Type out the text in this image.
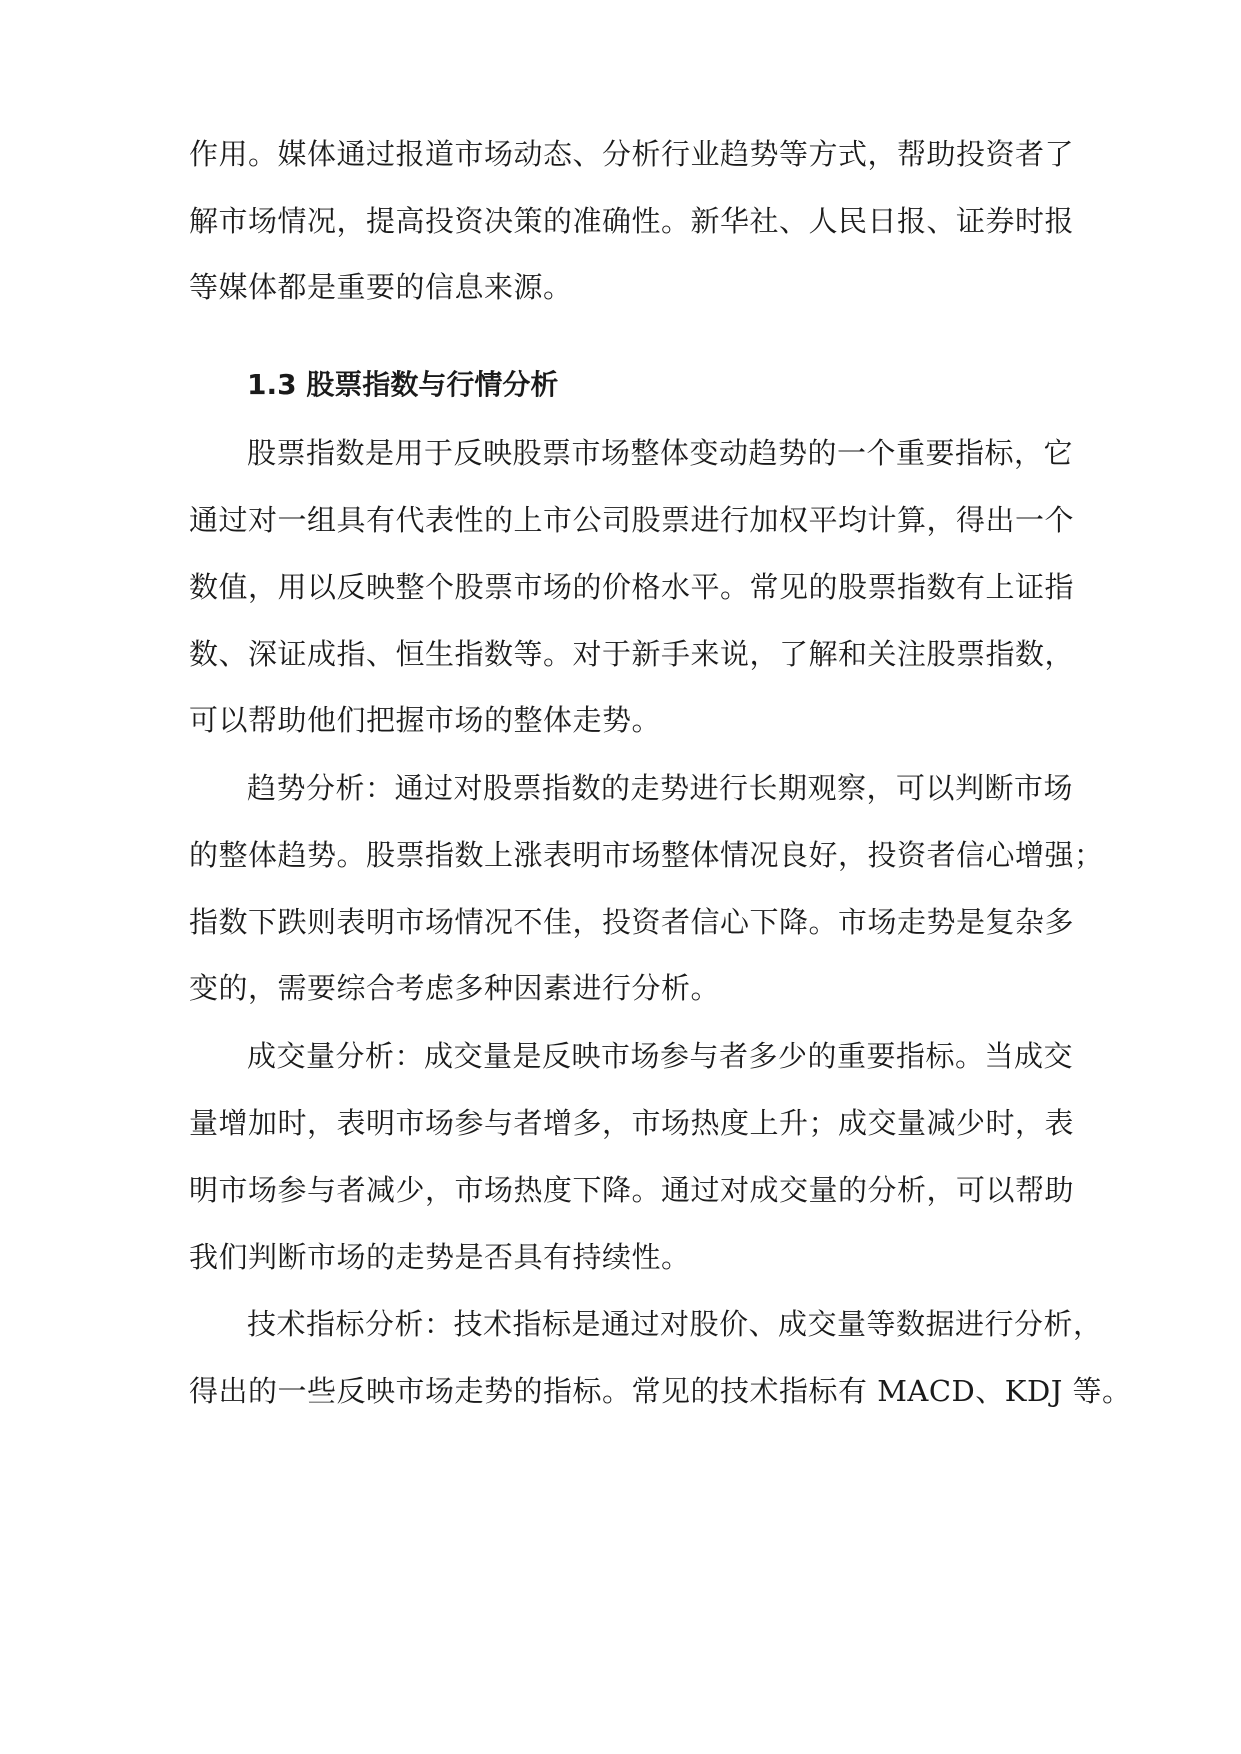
作用。媒体通过报道市场动态、分析行业趋势等方式，帮助投资者了
解市场情况，提高投资决策的准确性。新华社、人民日报、证券时报
等媒体都是重要的信息来源。
1.3 股票指数与行情分析
股票指数是用于反映股票市场整体变动趋势的一个重要指标，它
通过对一组具有代表性的上市公司股票进行加权平均计算，得出一个
数值，用以反映整个股票市场的价格水平。常见的股票指数有上证指
数、深证成指、恒生指数等。对于新手来说，了解和关注股票指数，
可以帮助他们把握市场的整体走势。
趋势分析：通过对股票指数的走势进行长期观察，可以判断市场
的整体趋势。股票指数上涨表明市场整体情况良好，投资者信心增强；
指数下跌则表明市场情况不佳，投资者信心下降。市场走势是复杂多
变的，需要综合考虑多种因素进行分析。
成交量分析：成交量是反映市场参与者多少的重要指标。当成交
量增加时，表明市场参与者增多，市场热度上升；成交量减少时，表
明市场参与者减少，市场热度下降。通过对成交量的分析，可以帮助
我们判断市场的走势是否具有持续性。
技术指标分析：技术指标是通过对股价、成交量等数据进行分析，
得出的一些反映市场走势的指标。常见的技术指标有 MACD、KDJ 等。
